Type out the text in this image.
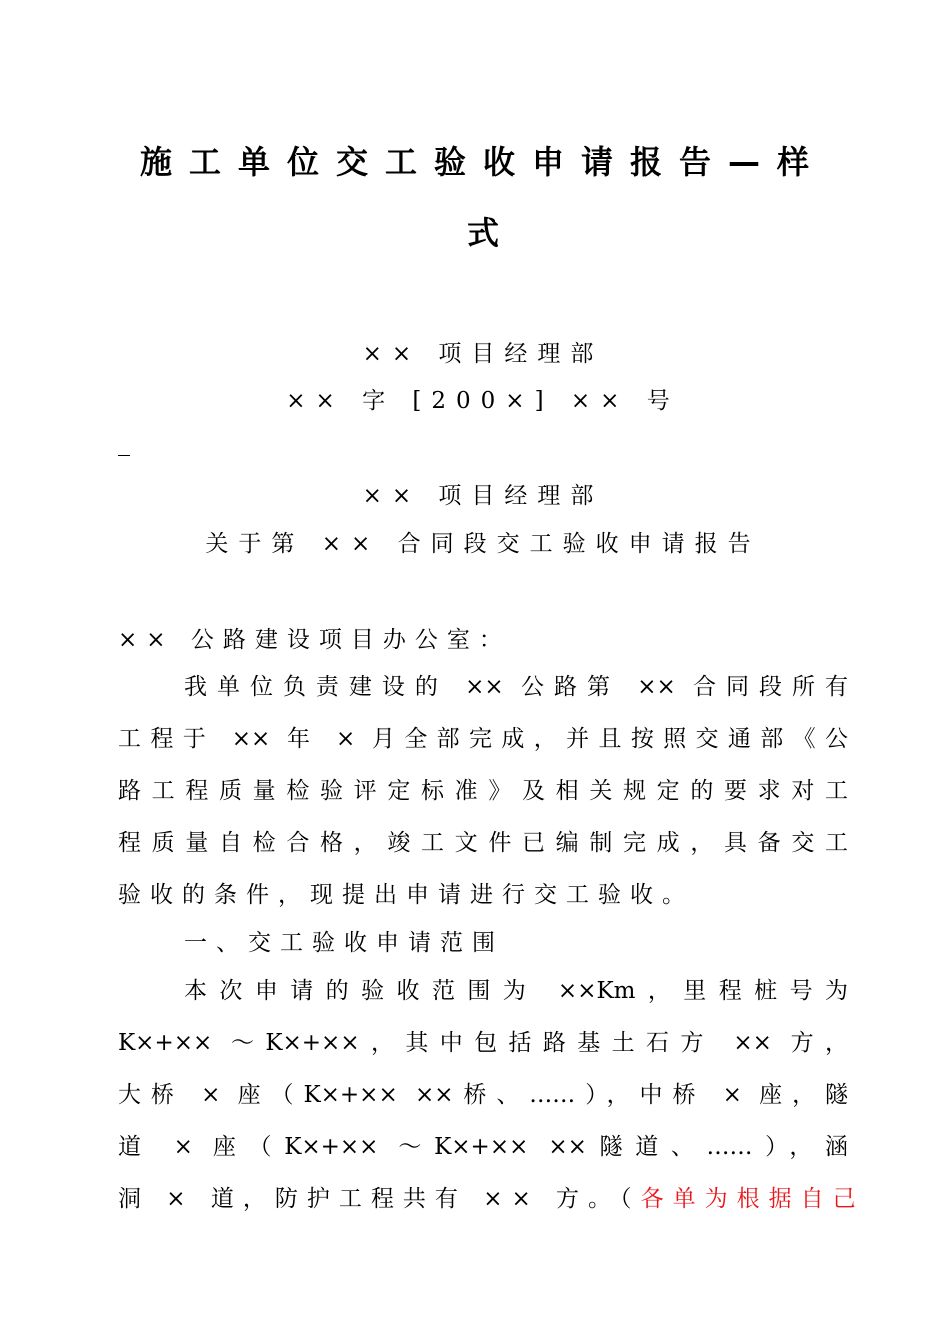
施工单位交工验收申请报告—样
式
×× 项目经理部
×× 字 [200×] ×× 号
×× 项目经理部
关于第 ×× 合同段交工验收申请报告
×× 公路建设项目办公室：
我单位负责建设的 ×× 公路第 ×× 合同段所有
工程于 ×× 年 × 月全部完成，并且按照交通部《公
路工程质量检验评定标准》及相关规定的要求对工
程质量自检合格，竣工文件已编制完成，具备交工
验收的条件，现提出申请进行交工验收。
一、交工验收申请范围
本次申请的验收范围为 ××Km，里程桩号为
K×+×× ～K×+××，其中包括路基土石方 ×× 方，
大桥 × 座（K×+×× ××桥、……），中桥 × 座，隧
道 × 座（K×+×× ～K×+×× ××隧道、……），涵
洞 × 道，防护工程共有 ×× 方。（各单为根据自己
